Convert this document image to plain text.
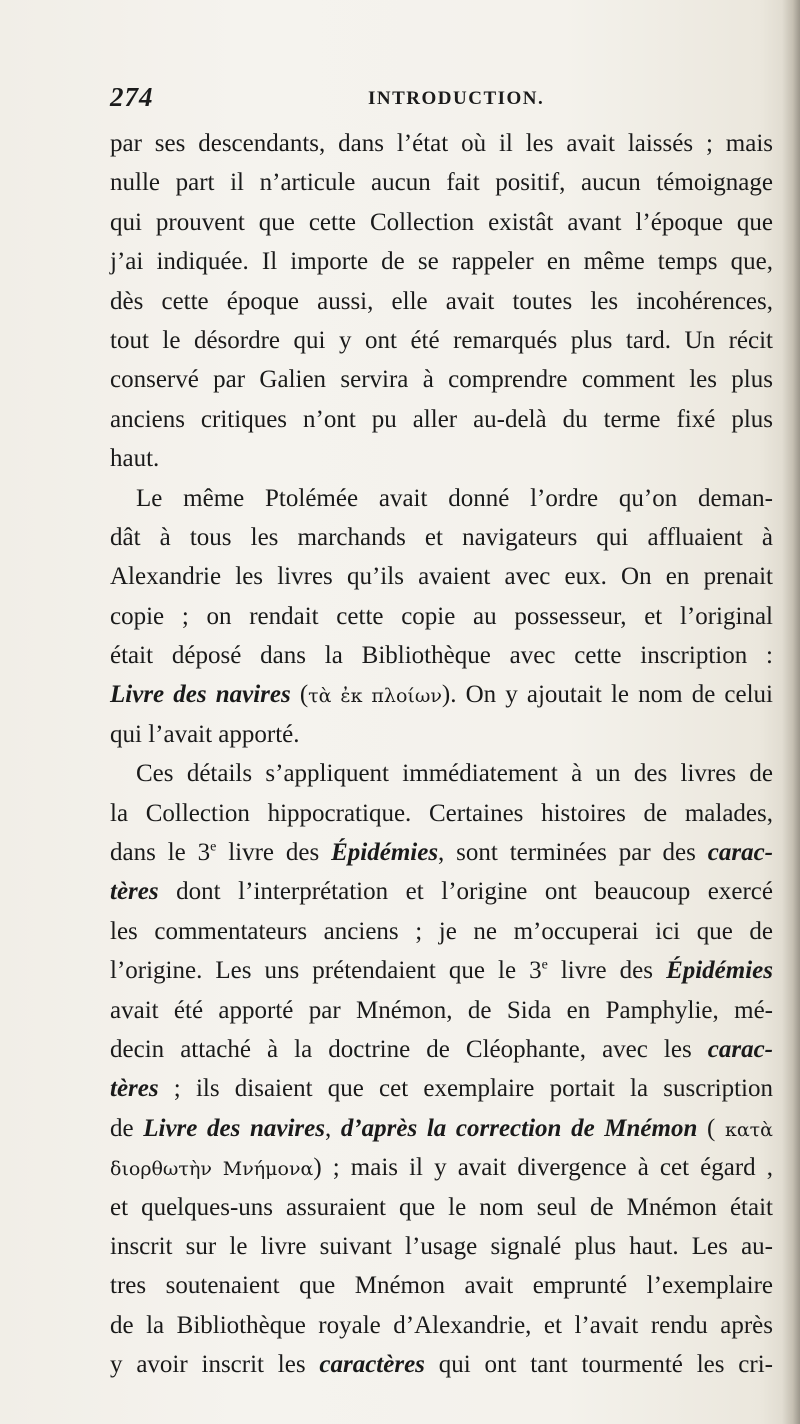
274	INTRODUCTION.
par ses descendants, dans l’état où il les avait laissés ; mais
nulle part il n’articule aucun fait positif, aucun témoignage
qui prouvent que cette Collection existât avant l’époque que
j’ai indiquée. Il importe de se rappeler en même temps que,
dès cette époque aussi, elle avait toutes les incohérences,
tout le désordre qui y ont été remarqués plus tard. Un récit
conservé par Galien servira à comprendre comment les plus
anciens critiques n’ont pu aller au-delà du terme fixé plus
haut.
Le même Ptolémée avait donné l’ordre qu’on deman-
dât à tous les marchands et navigateurs qui affluaient à
Alexandrie les livres qu’ils avaient avec eux. On en prenait
copie ; on rendait cette copie au possesseur, et l’original
était déposé dans la Bibliothèque avec cette inscription :
Livre des navires (τὰ ἐκ πλοίων). On y ajoutait le nom de celui
qui l’avait apporté.
Ces détails s’appliquent immédiatement à un des livres de
la Collection hippocratique. Certaines histoires de malades,
dans le 3e livre des Épidémies, sont terminées par des carac-
tères dont l’interprétation et l’origine ont beaucoup exercé
les commentateurs anciens ; je ne m’occuperai ici que de
l’origine. Les uns prétendaient que le 3e livre des Épidémies
avait été apporté par Mnémon, de Sida en Pamphylie, mé-
decin attaché à la doctrine de Cléophante, avec les carac-
tères ; ils disaient que cet exemplaire portait la suscription
de Livre des navires, d’après la correction de Mnémon ( κατὰ
διορθωτὴν Μνήμονα) ; mais il y avait divergence à cet égard ,
et quelques-uns assuraient que le nom seul de Mnémon était
inscrit sur le livre suivant l’usage signalé plus haut. Les au-
tres soutenaient que Mnémon avait emprunté l’exemplaire
de la Bibliothèque royale d’Alexandrie, et l’avait rendu après
y avoir inscrit les caractères qui ont tant tourmenté les cri-
